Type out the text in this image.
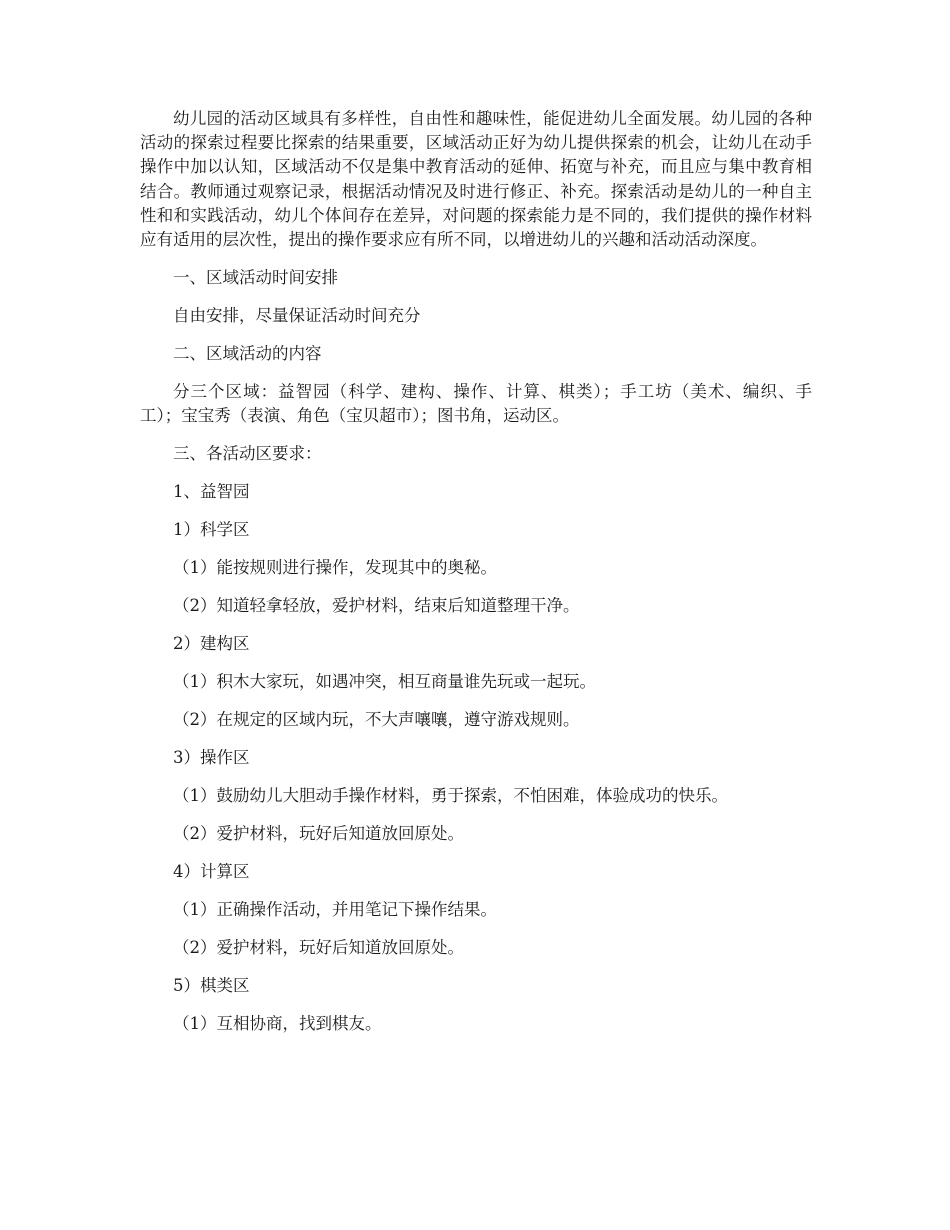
幼儿园的活动区域具有多样性，自由性和趣味性，能促进幼儿全面发展。幼儿园的各种活动的探索过程要比探索的结果重要，区域活动正好为幼儿提供探索的机会，让幼儿在动手操作中加以认知，区域活动不仅是集中教育活动的延伸、拓宽与补充，而且应与集中教育相结合。教师通过观察记录，根据活动情况及时进行修正、补充。探索活动是幼儿的一种自主性和和实践活动，幼儿个体间存在差异，对问题的探索能力是不同的，我们提供的操作材料应有适用的层次性，提出的操作要求应有所不同，以增进幼儿的兴趣和活动活动深度。

一、区域活动时间安排

自由安排，尽量保证活动时间充分

二、区域活动的内容

分三个区域：益智园（科学、建构、操作、计算、棋类）；手工坊（美术、编织、手工）；宝宝秀（表演、角色（宝贝超市）；图书角，运动区。

三、各活动区要求：

1、益智园

1）科学区

（1）能按规则进行操作，发现其中的奥秘。

（2）知道轻拿轻放，爱护材料，结束后知道整理干净。

2）建构区

（1）积木大家玩，如遇冲突，相互商量谁先玩或一起玩。

（2）在规定的区域内玩，不大声嚷嚷，遵守游戏规则。

3）操作区

（1）鼓励幼儿大胆动手操作材料，勇于探索，不怕困难，体验成功的快乐。

（2）爱护材料，玩好后知道放回原处。

4）计算区

（1）正确操作活动，并用笔记下操作结果。

（2）爱护材料，玩好后知道放回原处。

5）棋类区

（1）互相协商，找到棋友。
